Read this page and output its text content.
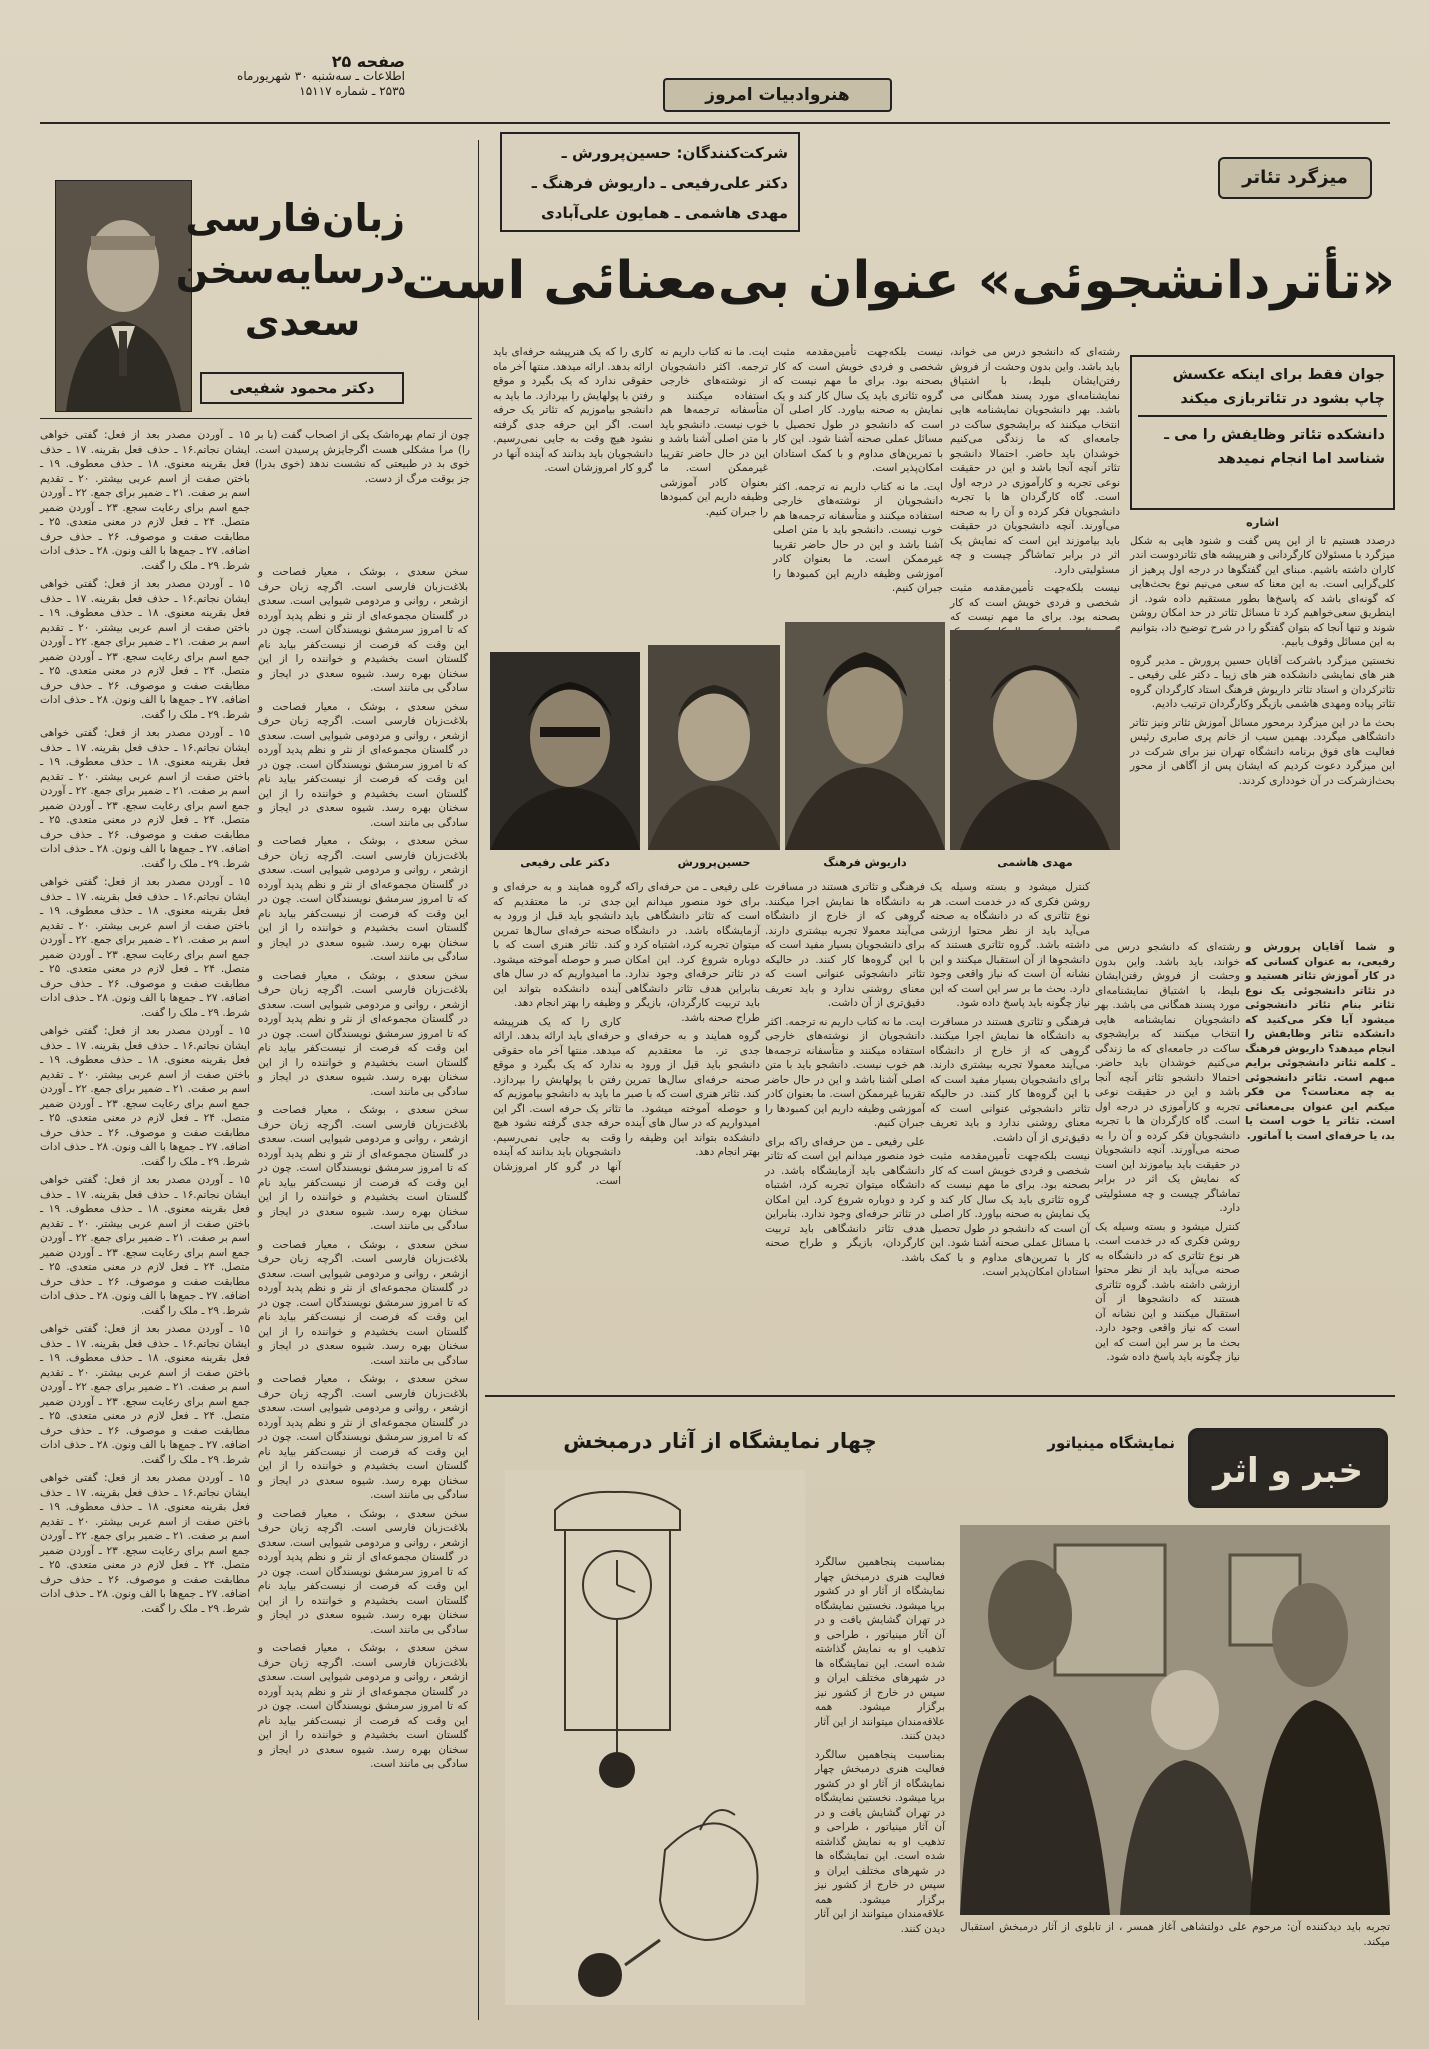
صفحه ۲۵
اطلاعات ـ سه‌شنبه ۳۰ شهریورماه
۲۵۳۵ ـ شماره ۱۵۱۱۷	هنروادبیات امروز
زبان‌فارسی
درسایه‌سخن
سعدی
دکتر محمود شفیعی

چون از تمام بهره‌اشک یکی از اصحاب گفت (با بر را) مرا مشکلی هست اگرجایزش پرسیدن است. خوی بد در طبیعتی که نشست ندهد (خوی بدرا) جز بوقت مرگ از دست.

۱۵ ـ آوردن مصدر بعد از فعل: گفتی خواهی ایشان نجاتم.۱۶ ـ حذف فعل بقرینه. ۱۷ ـ حذف فعل بقرینه معنوی. ۱۸ ـ حذف معطوف. ۱۹ ـ باختن صفت از اسم عربی بیشتر. ۲۰ ـ تقدیم اسم بر صفت. ۲۱ ـ ضمیر برای جمع. ۲۲ ـ آوردن جمع اسم برای رعایت سجع. ۲۳ ـ آوردن ضمیر متصل. ۲۴ ـ فعل لازم در معنی متعدی. ۲۵ ـ مطابقت صفت و موصوف. ۲۶ ـ حذف حرف اضافه. ۲۷ ـ جمع‌ها با الف ونون. ۲۸ ـ حذف ادات شرط. ۲۹ ـ ملک را گفت.

۱۵ ـ آوردن مصدر بعد از فعل: گفتی خواهی ایشان نجاتم.۱۶ ـ حذف فعل بقرینه. ۱۷ ـ حذف فعل بقرینه معنوی. ۱۸ ـ حذف معطوف. ۱۹ ـ باختن صفت از اسم عربی بیشتر. ۲۰ ـ تقدیم اسم بر صفت. ۲۱ ـ ضمیر برای جمع. ۲۲ ـ آوردن جمع اسم برای رعایت سجع. ۲۳ ـ آوردن ضمیر متصل. ۲۴ ـ فعل لازم در معنی متعدی. ۲۵ ـ مطابقت صفت و موصوف. ۲۶ ـ حذف حرف اضافه. ۲۷ ـ جمع‌ها با الف ونون. ۲۸ ـ حذف ادات شرط. ۲۹ ـ ملک را گفت.

۱۵ ـ آوردن مصدر بعد از فعل: گفتی خواهی ایشان نجاتم.۱۶ ـ حذف فعل بقرینه. ۱۷ ـ حذف فعل بقرینه معنوی. ۱۸ ـ حذف معطوف. ۱۹ ـ باختن صفت از اسم عربی بیشتر. ۲۰ ـ تقدیم اسم بر صفت. ۲۱ ـ ضمیر برای جمع. ۲۲ ـ آوردن جمع اسم برای رعایت سجع. ۲۳ ـ آوردن ضمیر متصل. ۲۴ ـ فعل لازم در معنی متعدی. ۲۵ ـ مطابقت صفت و موصوف. ۲۶ ـ حذف حرف اضافه. ۲۷ ـ جمع‌ها با الف ونون. ۲۸ ـ حذف ادات شرط. ۲۹ ـ ملک را گفت.

۱۵ ـ آوردن مصدر بعد از فعل: گفتی خواهی ایشان نجاتم.۱۶ ـ حذف فعل بقرینه. ۱۷ ـ حذف فعل بقرینه معنوی. ۱۸ ـ حذف معطوف. ۱۹ ـ باختن صفت از اسم عربی بیشتر. ۲۰ ـ تقدیم اسم بر صفت. ۲۱ ـ ضمیر برای جمع. ۲۲ ـ آوردن جمع اسم برای رعایت سجع. ۲۳ ـ آوردن ضمیر متصل. ۲۴ ـ فعل لازم در معنی متعدی. ۲۵ ـ مطابقت صفت و موصوف. ۲۶ ـ حذف حرف اضافه. ۲۷ ـ جمع‌ها با الف ونون. ۲۸ ـ حذف ادات شرط. ۲۹ ـ ملک را گفت.

۱۵ ـ آوردن مصدر بعد از فعل: گفتی خواهی ایشان نجاتم.۱۶ ـ حذف فعل بقرینه. ۱۷ ـ حذف فعل بقرینه معنوی. ۱۸ ـ حذف معطوف. ۱۹ ـ باختن صفت از اسم عربی بیشتر. ۲۰ ـ تقدیم اسم بر صفت. ۲۱ ـ ضمیر برای جمع. ۲۲ ـ آوردن جمع اسم برای رعایت سجع. ۲۳ ـ آوردن ضمیر متصل. ۲۴ ـ فعل لازم در معنی متعدی. ۲۵ ـ مطابقت صفت و موصوف. ۲۶ ـ حذف حرف اضافه. ۲۷ ـ جمع‌ها با الف ونون. ۲۸ ـ حذف ادات شرط. ۲۹ ـ ملک را گفت.

۱۵ ـ آوردن مصدر بعد از فعل: گفتی خواهی ایشان نجاتم.۱۶ ـ حذف فعل بقرینه. ۱۷ ـ حذف فعل بقرینه معنوی. ۱۸ ـ حذف معطوف. ۱۹ ـ باختن صفت از اسم عربی بیشتر. ۲۰ ـ تقدیم اسم بر صفت. ۲۱ ـ ضمیر برای جمع. ۲۲ ـ آوردن جمع اسم برای رعایت سجع. ۲۳ ـ آوردن ضمیر متصل. ۲۴ ـ فعل لازم در معنی متعدی. ۲۵ ـ مطابقت صفت و موصوف. ۲۶ ـ حذف حرف اضافه. ۲۷ ـ جمع‌ها با الف ونون. ۲۸ ـ حذف ادات شرط. ۲۹ ـ ملک را گفت.

۱۵ ـ آوردن مصدر بعد از فعل: گفتی خواهی ایشان نجاتم.۱۶ ـ حذف فعل بقرینه. ۱۷ ـ حذف فعل بقرینه معنوی. ۱۸ ـ حذف معطوف. ۱۹ ـ باختن صفت از اسم عربی بیشتر. ۲۰ ـ تقدیم اسم بر صفت. ۲۱ ـ ضمیر برای جمع. ۲۲ ـ آوردن جمع اسم برای رعایت سجع. ۲۳ ـ آوردن ضمیر متصل. ۲۴ ـ فعل لازم در معنی متعدی. ۲۵ ـ مطابقت صفت و موصوف. ۲۶ ـ حذف حرف اضافه. ۲۷ ـ جمع‌ها با الف ونون. ۲۸ ـ حذف ادات شرط. ۲۹ ـ ملک را گفت.

۱۵ ـ آوردن مصدر بعد از فعل: گفتی خواهی ایشان نجاتم.۱۶ ـ حذف فعل بقرینه. ۱۷ ـ حذف فعل بقرینه معنوی. ۱۸ ـ حذف معطوف. ۱۹ ـ باختن صفت از اسم عربی بیشتر. ۲۰ ـ تقدیم اسم بر صفت. ۲۱ ـ ضمیر برای جمع. ۲۲ ـ آوردن جمع اسم برای رعایت سجع. ۲۳ ـ آوردن ضمیر متصل. ۲۴ ـ فعل لازم در معنی متعدی. ۲۵ ـ مطابقت صفت و موصوف. ۲۶ ـ حذف حرف اضافه. ۲۷ ـ جمع‌ها با الف ونون. ۲۸ ـ حذف ادات شرط. ۲۹ ـ ملک را گفت.

سخن سعدی ، بوشک ، معیار فصاحت و بلاغت‌زبان فارسی است. اگرچه زبان حرف ازشعر ، روانی و مردومی شیوایی است. سعدی در گلستان مجموعه‌ای از نثر و نظم پدید آورده که تا امروز سرمشق نویسندگان است. چون در این وقت که فرصت از نیست‌کفر بیاید نام گلستان است بخشیدم و خواننده را از این سخنان بهره رسد. شیوه سعدی در ایجاز و سادگی بی مانند است.

سخن سعدی ، بوشک ، معیار فصاحت و بلاغت‌زبان فارسی است. اگرچه زبان حرف ازشعر ، روانی و مردومی شیوایی است. سعدی در گلستان مجموعه‌ای از نثر و نظم پدید آورده که تا امروز سرمشق نویسندگان است. چون در این وقت که فرصت از نیست‌کفر بیاید نام گلستان است بخشیدم و خواننده را از این سخنان بهره رسد. شیوه سعدی در ایجاز و سادگی بی مانند است.

سخن سعدی ، بوشک ، معیار فصاحت و بلاغت‌زبان فارسی است. اگرچه زبان حرف ازشعر ، روانی و مردومی شیوایی است. سعدی در گلستان مجموعه‌ای از نثر و نظم پدید آورده که تا امروز سرمشق نویسندگان است. چون در این وقت که فرصت از نیست‌کفر بیاید نام گلستان است بخشیدم و خواننده را از این سخنان بهره رسد. شیوه سعدی در ایجاز و سادگی بی مانند است.

سخن سعدی ، بوشک ، معیار فصاحت و بلاغت‌زبان فارسی است. اگرچه زبان حرف ازشعر ، روانی و مردومی شیوایی است. سعدی در گلستان مجموعه‌ای از نثر و نظم پدید آورده که تا امروز سرمشق نویسندگان است. چون در این وقت که فرصت از نیست‌کفر بیاید نام گلستان است بخشیدم و خواننده را از این سخنان بهره رسد. شیوه سعدی در ایجاز و سادگی بی مانند است.

سخن سعدی ، بوشک ، معیار فصاحت و بلاغت‌زبان فارسی است. اگرچه زبان حرف ازشعر ، روانی و مردومی شیوایی است. سعدی در گلستان مجموعه‌ای از نثر و نظم پدید آورده که تا امروز سرمشق نویسندگان است. چون در این وقت که فرصت از نیست‌کفر بیاید نام گلستان است بخشیدم و خواننده را از این سخنان بهره رسد. شیوه سعدی در ایجاز و سادگی بی مانند است.

سخن سعدی ، بوشک ، معیار فصاحت و بلاغت‌زبان فارسی است. اگرچه زبان حرف ازشعر ، روانی و مردومی شیوایی است. سعدی در گلستان مجموعه‌ای از نثر و نظم پدید آورده که تا امروز سرمشق نویسندگان است. چون در این وقت که فرصت از نیست‌کفر بیاید نام گلستان است بخشیدم و خواننده را از این سخنان بهره رسد. شیوه سعدی در ایجاز و سادگی بی مانند است.

سخن سعدی ، بوشک ، معیار فصاحت و بلاغت‌زبان فارسی است. اگرچه زبان حرف ازشعر ، روانی و مردومی شیوایی است. سعدی در گلستان مجموعه‌ای از نثر و نظم پدید آورده که تا امروز سرمشق نویسندگان است. چون در این وقت که فرصت از نیست‌کفر بیاید نام گلستان است بخشیدم و خواننده را از این سخنان بهره رسد. شیوه سعدی در ایجاز و سادگی بی مانند است.

سخن سعدی ، بوشک ، معیار فصاحت و بلاغت‌زبان فارسی است. اگرچه زبان حرف ازشعر ، روانی و مردومی شیوایی است. سعدی در گلستان مجموعه‌ای از نثر و نظم پدید آورده که تا امروز سرمشق نویسندگان است. چون در این وقت که فرصت از نیست‌کفر بیاید نام گلستان است بخشیدم و خواننده را از این سخنان بهره رسد. شیوه سعدی در ایجاز و سادگی بی مانند است.

سخن سعدی ، بوشک ، معیار فصاحت و بلاغت‌زبان فارسی است. اگرچه زبان حرف ازشعر ، روانی و مردومی شیوایی است. سعدی در گلستان مجموعه‌ای از نثر و نظم پدید آورده که تا امروز سرمشق نویسندگان است. چون در این وقت که فرصت از نیست‌کفر بیاید نام گلستان است بخشیدم و خواننده را از این سخنان بهره رسد. شیوه سعدی در ایجاز و سادگی بی مانند است.

میزگرد تئاتر
شرکت‌کنندگان: حسین‌پرورش ـ
دکتر علی‌رفیعی ـ داریوش فرهنگ ـ
مهدی هاشمی ـ همایون علی‌آبادی
«تأتردانشجوئی» عنوان بی‌معنائی است
جوان فقط برای اینکه عکسش چاپ بشود در تئاتربازی میکند
دانشکده تئاتر وظایفش را می ـ شناسد اما انجام نمیدهد

اشاره

درصدد هستیم تا از این پس گفت و شنود هایی به شکل میزگرد با مسئولان کارگردانی و هنرپیشه های تئاتردوست اندر کاران داشته باشیم. مبنای این گفتگوها در درجه اول پرهیز از کلی‌گرایی است. به این معنا که سعی می‌نیم نوع بحث‌هایی که گونه‌ای باشد که پاسخ‌ها بطور مستقیم داده شود. از اینطریق سعی‌خواهیم‌ کرد تا مسائل تئاتر در حد امکان روشن شوند و تنها آنجا که بتوان‌ گفتگو را در شرح توضیح‌ داد، بتوانیم به این مسائل وقوف یابیم.

نخستین میزگرد باشرکت آقایان حسین پرورش ـ مدیر گروه هنر های نمایشی دانشکده هنر های زیبا ـ دکتر علی رفیعی ـ تئاترکردان و استاد تئاتر داریوش فرهنگ استاد کارگردان گروه تئاتر پیاده ومهدی هاشمی بازیگر وکارگردان ترتیب دادیم.

بحث ما در این میزگرد برمحور مسائل آموزش تئاتر ونیز تئاتر دانشگاهی میگردد. بهمین سبب از خانم پری صابری رئیس فعالیت های فوق برنامه دانشگاه تهران نیز برای شرکت در این میزگرد دعوت کردیم که ایشان پس از آگاهی از محور بحث‌ازشرکت در آن خودداری کردند.

رشته‌ای که دانشجو درس می خواند، باید باشد. واین بدون وحشت از فروش رفتن‌ایشان بلیط، با اشتیاق نمایشنامه‌ای مورد پسند همگانی می باشد. بهر دانشجویان نمایشنامه هایی انتخاب میکنند که برایشجوی ساکت در جامعه‌ای که ما زندگی می‌کنیم خوشدان باید حاضر. احتمالا دانشجو تئاتر آنچه آنجا باشد و این در حقیقت نوعی تجربه و کارآموزی در درجه اول است. گاه کارگردان ها با تجربه دانشجویان فکر کرده و آن را به صحنه می‌آورند. آنچه دانشجویان در حقیقت باید بیاموزند این است که نمایش یک اثر در برابر تماشاگر چیست و چه مسئولیتی دارد.

نیست بلکه‌جهت تأمین‌مقدمه مثبت شخصی و فردی خویش است که کار بصحنه بود. برای ما مهم نیست که

نیست بلکه‌جهت تأمین‌مقدمه مثبت شخصی و فردی خویش است که کار بصحنه بود. برای ما مهم نیست که گروه تئاتری باید یک سال کار کند و یک نمایش به صحنه بیاورد. کار اصلی آن است که دانشجو در طول تحصیل با مسائل عملی صحنه آشنا شود. این کار با تمرین‌های مداوم و با کمک استادان امکان‌پذیر است.

ایت. ما نه کتاب داریم نه ترجمه. اکثر دانشجویان از نوشته‌های خارجی استفاده میکنند و متأسفانه ترجمه‌ها هم خوب نیست. دانشجو باید با متن اصلی آشنا باشد و این در حال حاضر تقریبا غیرممکن است. ما بعنوان کادر آموزشی وظیفه داریم این کمبودها را جبران کنیم.

ایت. ما نه کتاب داریم نه ترجمه. اکثر دانشجویان از نوشته‌های خارجی استفاده میکنند و متأسفانه ترجمه‌ها هم خوب نیست. دانشجو باید با متن اصلی آشنا باشد و این در حال حاضر تقریبا غیرممکن است. ما بعنوان کادر آموزشی وظیفه داریم این کمبودها را جبران کنیم.

کاری را که یک هنرپیشه حرفه‌ای باید ارائه بدهد. ارائه میدهد. منتها آخر ماه حقوقی ندارد که یک بگیرد و موقع رفتن با پولهایش را بپردازد. ما باید به دانشجو بیاموزیم که تئاتر یک حرفه است. اگر این حرفه جدی گرفته نشود هیچ وقت به جایی نمی‌رسیم. دانشجویان باید بدانند که آینده آنها در گرو کار امروزشان است.

مهدی هاشمی
داریوش فرهنگ
حسین‌پرورش
دکتر علی رفیعی

و شما آقایان پرورش و رفیعی، به عنوان کسانی که در کار آموزش تئاتر هستید و در تئاتر دانشجوئی یک نوع تئاتر بنام تئاتر دانشجوئی میشود آیا فکر می‌کنید که دانشکده تئاتر وظایفش را انجام میدهد؟ داریوش فرهنگ ـ کلمه تئاتر دانشجوئی برایم مبهم است. تئاتر دانشجوئی به چه معناست؟ من فکر میکنم این عنوان بی‌معنائی است. تئاتر یا خوب است یا بد، یا حرفه‌ای است یا آماتور.

رشته‌ای که دانشجو درس می خواند، باید باشد. واین بدون وحشت از فروش رفتن‌ایشان بلیط، با اشتیاق نمایشنامه‌ای مورد پسند همگانی می باشد. بهر دانشجویان نمایشنامه هایی انتخاب میکنند که برایشجوی ساکت در جامعه‌ای که ما زندگی می‌کنیم خوشدان باید حاضر. احتمالا دانشجو تئاتر آنچه آنجا باشد و این در حقیقت نوعی تجربه و کارآموزی در درجه اول است. گاه کارگردان ها با تجربه دانشجویان فکر کرده و آن را به صحنه می‌آورند. آنچه دانشجویان در حقیقت باید بیاموزند این است که نمایش یک اثر در برابر تماشاگر چیست و چه مسئولیتی دارد.

کنترل میشود و بسته وسیله یک روشن فکری که در خدمت است. هر نوع تئاتری که در دانشگاه به صحنه می‌آید باید از نظر محتوا ارزشی داشته باشد. گروه تئاتری هستند که دانشجوها از آن استقبال میکنند و این نشانه آن است که نیاز واقعی وجود دارد. بحث ما بر سر این است که این نیاز چگونه باید پاسخ داده شود.

کنترل میشود و بسته وسیله یک روشن فکری که در خدمت است. هر نوع تئاتری که در دانشگاه به صحنه می‌آید باید از نظر محتوا ارزشی داشته باشد. گروه تئاتری هستند که دانشجوها از آن استقبال میکنند و این نشانه آن است که نیاز واقعی وجود دارد. بحث ما بر سر این است که این نیاز چگونه باید پاسخ داده شود.

فرهنگی و تئاتری هستند در مسافرت به دانشگاه ها نمایش اجرا میکنند. گروهی که از خارج از دانشگاه می‌آیند معمولا تجربه بیشتری دارند. برای دانشجویان بسیار مفید است که با این گروه‌ها کار کنند. در حالیکه تئاتر دانشجوئی عنوانی است که معنای روشنی ندارد و باید تعریف دقیق‌تری از آن داشت.

نیست بلکه‌جهت تأمین‌مقدمه مثبت شخصی و فردی خویش است که کار بصحنه بود. برای ما مهم نیست که گروه تئاتری باید یک سال کار کند و یک نمایش به صحنه بیاورد. کار اصلی آن است که دانشجو در طول تحصیل با مسائل عملی صحنه آشنا شود. این کار با تمرین‌های مداوم و با کمک استادان امکان‌پذیر است.

فرهنگی و تئاتری هستند در مسافرت به دانشگاه ها نمایش اجرا میکنند. گروهی که از خارج از دانشگاه می‌آیند معمولا تجربه بیشتری دارند. برای دانشجویان بسیار مفید است که با این گروه‌ها کار کنند. در حالیکه تئاتر دانشجوئی عنوانی است که معنای روشنی ندارد و باید تعریف دقیق‌تری از آن داشت.

ایت. ما نه کتاب داریم نه ترجمه. اکثر دانشجویان از نوشته‌های خارجی استفاده میکنند و متأسفانه ترجمه‌ها هم خوب نیست. دانشجو باید با متن اصلی آشنا باشد و این در حال حاضر تقریبا غیرممکن است. ما بعنوان کادر آموزشی وظیفه داریم این کمبودها را جبران کنیم.

علی رفیعی ـ من حرفه‌ای راکه برای خود منصور میدانم این است که تئاتر دانشگاهی باید آزمایشگاه باشد. در دانشگاه میتوان تجربه کرد، اشتباه کرد و دوباره شروع کرد. این امکان در تئاتر حرفه‌ای وجود ندارد. بنابراین هدف تئاتر دانشگاهی باید تربیت کارگردان، بازیگر و طراح صحنه باشد.

علی رفیعی ـ من حرفه‌ای راکه برای خود منصور میدانم این است که تئاتر دانشگاهی باید آزمایشگاه باشد. در دانشگاه میتوان تجربه کرد، اشتباه کرد و دوباره شروع کرد. این امکان در تئاتر حرفه‌ای وجود ندارد. بنابراین هدف تئاتر دانشگاهی باید تربیت کارگردان، بازیگر و طراح صحنه باشد.

گروه همایند و به حرفه‌ای و جدی تر. ما معتقدیم که دانشجو باید قبل از ورود به صحنه حرفه‌ای سال‌ها تمرین کند. تئاتر هنری است که با صبر و حوصله آموخته میشود. ما امیدواریم که در سال های آینده دانشکده بتواند این وظیفه را بهتر انجام دهد.

گروه همایند و به حرفه‌ای و جدی تر. ما معتقدیم که دانشجو باید قبل از ورود به صحنه حرفه‌ای سال‌ها تمرین کند. تئاتر هنری است که با صبر و حوصله آموخته میشود. ما امیدواریم که در سال های آینده دانشکده بتواند این وظیفه را بهتر انجام دهد.

کاری را که یک هنرپیشه حرفه‌ای باید ارائه بدهد. ارائه میدهد. منتها آخر ماه حقوقی ندارد که یک بگیرد و موقع رفتن با پولهایش را بپردازد. ما باید به دانشجو بیاموزیم که تئاتر یک حرفه است. اگر این حرفه جدی گرفته نشود هیچ وقت به جایی نمی‌رسیم. دانشجویان باید بدانند که آینده آنها در گرو کار امروزشان است.

خبر و اثر
نمایشگاه مینیاتور
چهار نمایشگاه از آثار درمبخش

بمناسبت پنجاهمین سالگرد فعالیت هنری درمبخش چهار نمایشگاه از آثار او در کشور برپا میشود. نخستین نمایشگاه در تهران گشایش یافت و در آن آثار مینیاتور ، طراحی و تذهیب او به نمایش گذاشته شده است. این نمایشگاه ها در شهرهای مختلف ایران و سپس در خارج از کشور نیز برگزار میشود. همه علاقه‌مندان میتوانند از این آثار دیدن کنند.

بمناسبت پنجاهمین سالگرد فعالیت هنری درمبخش چهار نمایشگاه از آثار او در کشور برپا میشود. نخستین نمایشگاه در تهران گشایش یافت و در آن آثار مینیاتور ، طراحی و تذهیب او به نمایش گذاشته شده است. این نمایشگاه ها در شهرهای مختلف ایران و سپس در خارج از کشور نیز برگزار میشود. همه علاقه‌مندان میتوانند از این آثار دیدن کنند. تجربه باید دیدکننده آن: مرحوم علی دولتشاهی آغاز همسر ، از تابلوی از آثار درمبخش استقبال میکند.
